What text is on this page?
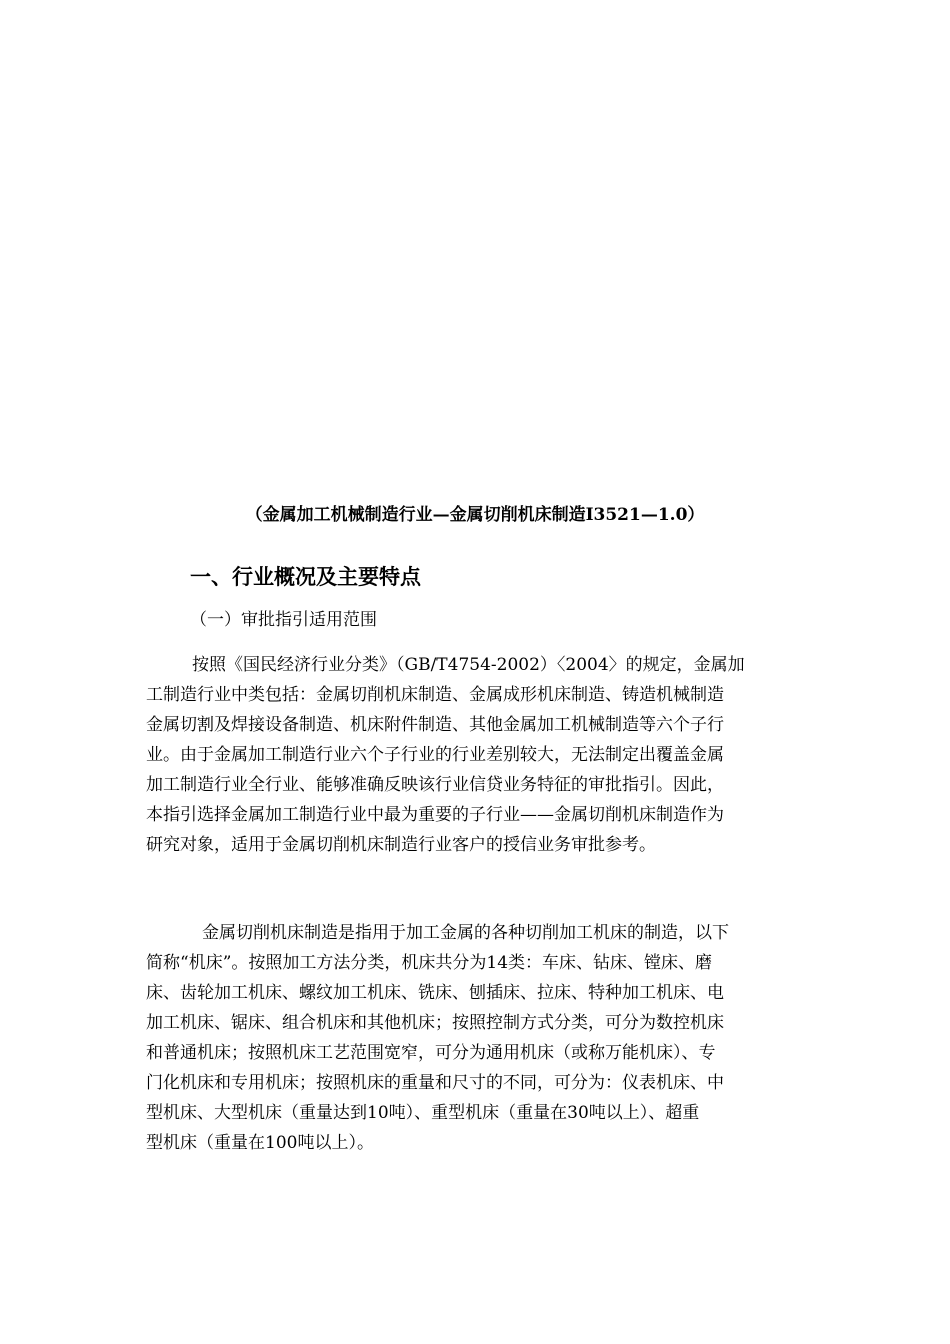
（金属加工机械制造行业—金属切削机床制造I3521—1.0）
一、行业概况及主要特点
（一）审批指引适用范围
按照《国民经济行业分类》（GB/T4754-2002）〈2004〉的规定，金属加
工制造行业中类包括：金属切削机床制造、金属成形机床制造、铸造机械制造
金属切割及焊接设备制造、机床附件制造、其他金属加工机械制造等六个子行
业。由于金属加工制造行业六个子行业的行业差别较大，无法制定出覆盖金属
加工制造行业全行业、能够准确反映该行业信贷业务特征的审批指引。因此，
本指引选择金属加工制造行业中最为重要的子行业——金属切削机床制造作为
研究对象，适用于金属切削机床制造行业客户的授信业务审批参考。
金属切削机床制造是指用于加工金属的各种切削加工机床的制造，以下
简称“机床”。按照加工方法分类，机床共分为14类：车床、钻床、镗床、磨
床、齿轮加工机床、螺纹加工机床、铣床、刨插床、拉床、特种加工机床、电
加工机床、锯床、组合机床和其他机床；按照控制方式分类，可分为数控机床
和普通机床；按照机床工艺范围宽窄，可分为通用机床（或称万能机床）、专
门化机床和专用机床；按照机床的重量和尺寸的不同，可分为：仪表机床、中
型机床、大型机床（重量达到10吨）、重型机床（重量在30吨以上）、超重
型机床（重量在100吨以上）。
